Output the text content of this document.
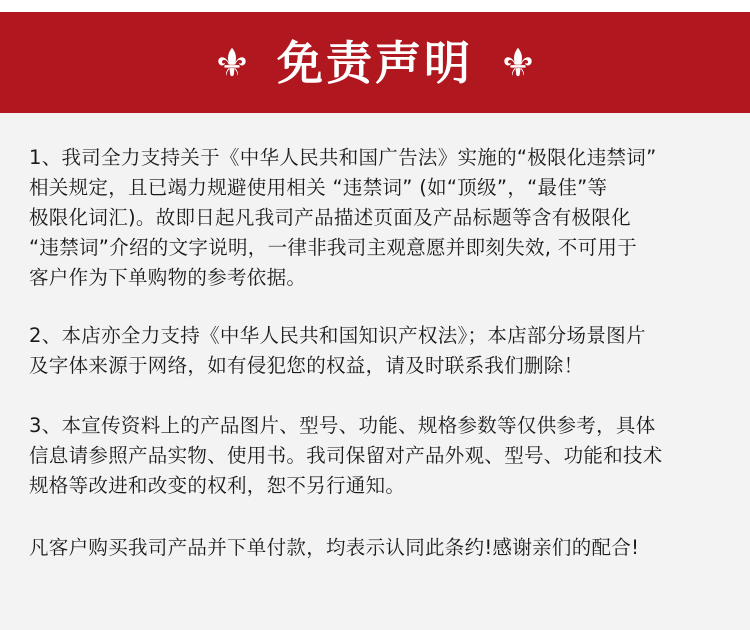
免责声明

1、我司全力支持关于《中华人民共和国广告法》实施的“极限化违禁词”
相关规定，且已竭力规避使用相关 “违禁词” (如“顶级”，“最佳”等
极限化词汇)。故即日起凡我司产品描述页面及产品标题等含有极限化
“违禁词”介绍的文字说明，一律非我司主观意愿并即刻失效, 不可用于
客户作为下单购物的参考依据。

2、本店亦全力支持《中华人民共和国知识产权法》；本店部分场景图片
及字体来源于网络，如有侵犯您的权益，请及时联系我们删除！

3、本宣传资料上的产品图片、型号、功能、规格参数等仅供参考，具体
信息请参照产品实物、使用书。我司保留对产品外观、型号、功能和技术
规格等改进和改变的权利，恕不另行通知。

凡客户购买我司产品并下单付款，均表示认同此条约!感谢亲们的配合!
